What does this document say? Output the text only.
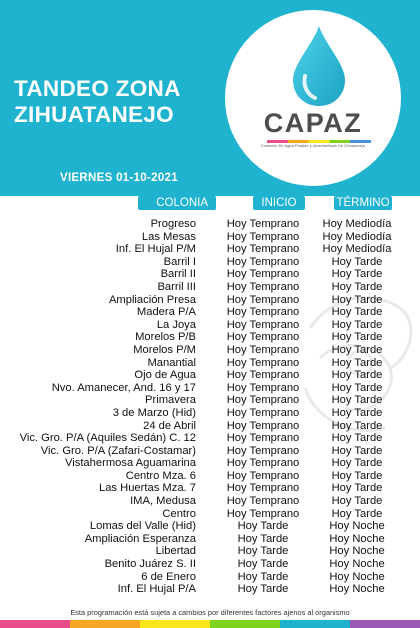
TANDEO ZONA
ZIHUATANEJO
VIERNES 01-10-2021
CAPAZ
Comisión De Agua Potable y Alcantarillado De Zihuatanejo
COLONIA	INICIO	TÉRMINO
Progreso	Hoy Temprano Hoy Mediodía
Las Mesas	Hoy Temprano Hoy Mediodía
Inf. El Hujal P/M	Hoy Temprano Hoy Mediodía
Barril I	Hoy Temprano	Hoy Tarde
Barril II	Hoy Temprano	Hoy Tarde
Barril III	Hoy Temprano	Hoy Tarde
Ampliación Presa	Hoy Temprano	Hoy Tarde
Madera P/A	Hoy Temprano	Hoy Tarde
La Joya	Hoy Temprano	Hoy Tarde
Morelos P/B	Hoy Temprano	Hoy Tarde
Morelos P/M	Hoy Temprano	Hoy Tarde
Manantial	Hoy Temprano	Hoy Tarde
Ojo de Agua	Hoy Temprano	Hoy Tarde
Nvo. Amanecer, And. 16 y 17	Hoy Temprano	Hoy Tarde
Primavera	Hoy Temprano	Hoy Tarde
3 de Marzo (Hid)	Hoy Temprano	Hoy Tarde
24 de Abril	Hoy Temprano	Hoy Tarde
Vic. Gro. P/A (Aquiles Sedán) C. 12	Hoy Temprano	Hoy Tarde
Vic. Gro. P/A (Zafari-Costamar)	Hoy Temprano	Hoy Tarde
Vistahermosa Aguamarina	Hoy Temprano	Hoy Tarde
Centro Mza. 6	Hoy Temprano	Hoy Tarde
Las Huertas Mza. 7	Hoy Temprano	Hoy Tarde
IMA, Medusa	Hoy Temprano	Hoy Tarde
Centro	Hoy Temprano	Hoy Tarde
Lomas del Valle (Hid)	Hoy Tarde	Hoy Noche
Ampliación Esperanza	Hoy Tarde	Hoy Noche
Libertad	Hoy Tarde	Hoy Noche
Benito Juárez S. II	Hoy Tarde	Hoy Noche
6 de Enero	Hoy Tarde	Hoy Noche
Inf. El Hujal P/A	Hoy Tarde	Hoy Noche
Esta programación está sujeta a cambios por diferentes factores ajenos al organismo
